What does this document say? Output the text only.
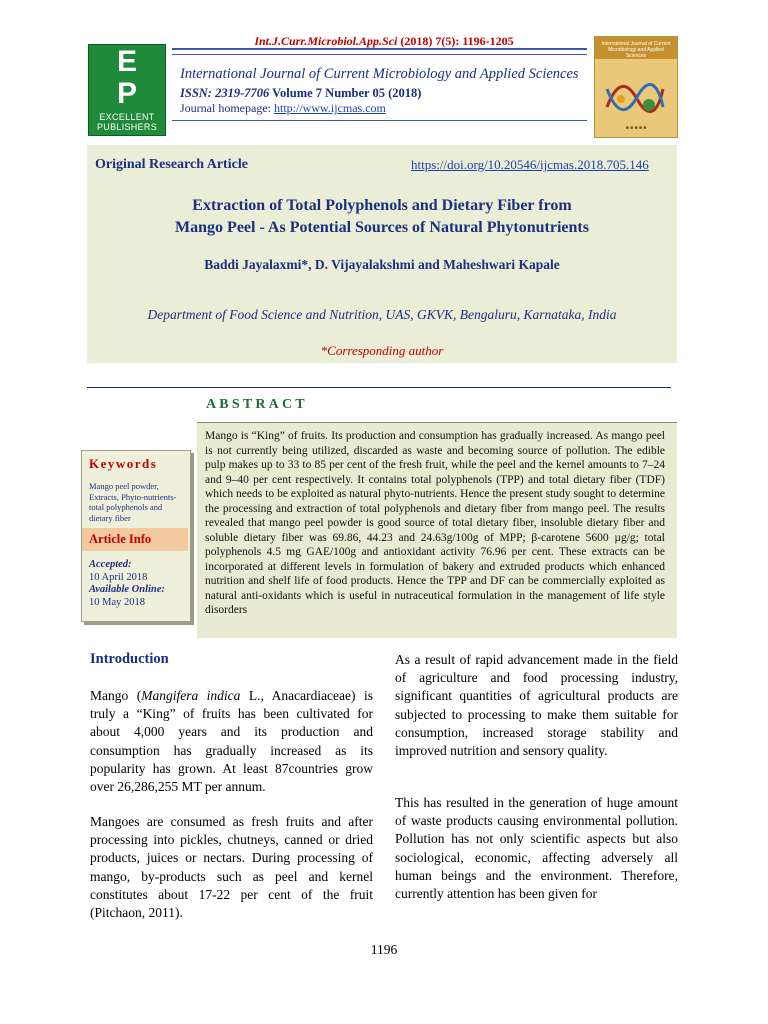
Int.J.Curr.Microbiol.App.Sci (2018) 7(5): 1196-1205
E
P
EXCELLENT PUBLISHERS
International Journal of Current Microbiology and Applied Sciences
ISSN: 2319-7706 Volume 7 Number 05 (2018)
Journal homepage: http://www.ijcmas.com
International Journal of Current Microbiology and Applied Sciences
■ ■ ■ ■ ■
Original Research Article	https://doi.org/10.20546/ijcmas.2018.705.146
Extraction of Total Polyphenols and Dietary Fiber from
Mango Peel - As Potential Sources of Natural Phytonutrients
Baddi Jayalaxmi*, D. Vijayalakshmi and Maheshwari Kapale
Department of Food Science and Nutrition, UAS, GKVK, Bengaluru, Karnataka, India
*Corresponding author
ABSTRACT
Mango is “King” of fruits. Its production and consumption has gradually increased. As mango peel is not currently being utilized, discarded as waste and becoming source of pollution. The edible pulp makes up to 33 to 85 per cent of the fresh fruit, while the peel and the kernel amounts to 7–24 and 9–40 per cent respectively. It contains total polyphenols (TPP) and total dietary fiber (TDF) which needs to be exploited as natural phyto-nutrients. Hence the present study sought to determine the processing and extraction of total polyphenols and dietary fiber from mango peel. The results revealed that mango peel powder is good source of total dietary fiber, insoluble dietary fiber and soluble dietary fiber was 69.86, 44.23 and 24.63g/100g of MPP; β-carotene 5600 µg/g; total polyphenols 4.5 mg GAE/100g and antioxidant activity 76.96 per cent. These extracts can be incorporated at different levels in formulation of bakery and extruded products which enhanced nutrition and shelf life of food products. Hence the TPP and DF can be commercially exploited as natural anti-oxidants which is useful in nutraceutical formulation in the management of life style disorders
Keywords
Mango peel powder, Extracts, Phyto-nutrients-total polyphenols and dietary fiber
Article Info
Accepted:
10 April 2018
Available Online:
10 May 2018
Introduction
Mango (Mangifera indica L., Anacardiaceae) is truly a “King” of fruits has been cultivated for about 4,000 years and its production and consumption has gradually increased as its popularity has grown. At least 87countries grow over 26,286,255 MT per annum.
Mangoes are consumed as fresh fruits and after processing into pickles, chutneys, canned or dried products, juices or nectars. During processing of mango, by-products such as peel and kernel constitutes about 17-22 per cent of the fruit (Pitchaon, 2011).
As a result of rapid advancement made in the field of agriculture and food processing industry, significant quantities of agricultural products are subjected to processing to make them suitable for consumption, increased storage stability and improved nutrition and sensory quality.
This has resulted in the generation of huge amount of waste products causing environmental pollution. Pollution has not only scientific aspects but also sociological, economic, affecting adversely all human beings and the environment. Therefore, currently attention has been given for
1196
